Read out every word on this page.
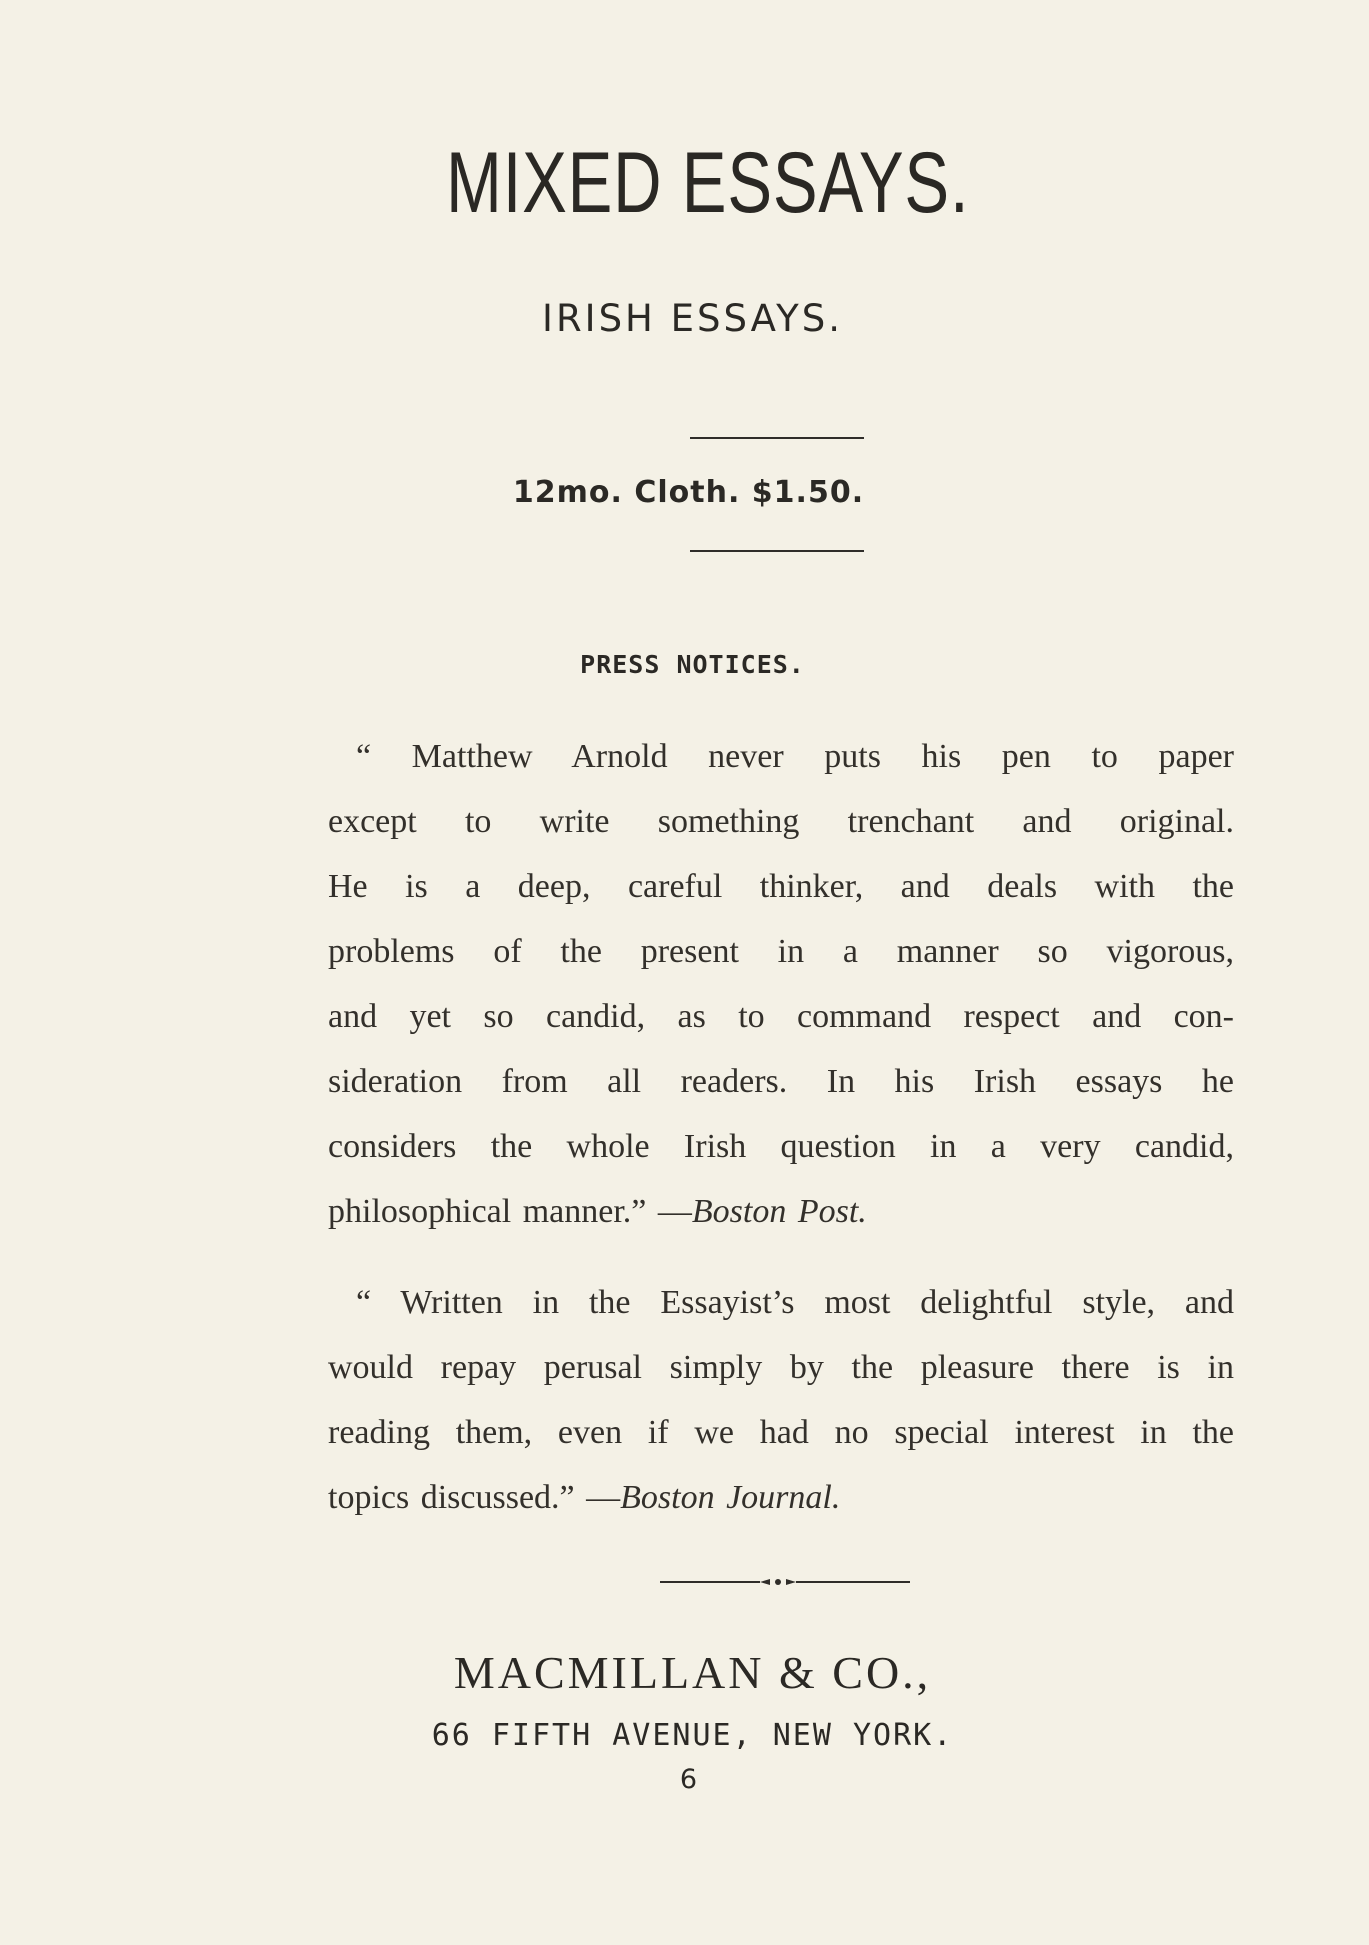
MIXED ESSAYS.
IRISH ESSAYS.
12mo. Cloth. $1.50.
PRESS NOTICES.
“ Matthew Arnold never puts his pen to paper
except to write something trenchant and original.
He is a deep, careful thinker, and deals with the
problems of the present in a manner so vigorous,
and yet so candid, as to command respect and con-
sideration from all readers. In his Irish essays he
considers the whole Irish question in a very candid,
philosophical manner.” —Boston Post.
“ Written in the Essayist’s most delightful style, and
would repay perusal simply by the pleasure there is in
reading them, even if we had no special interest in the
topics discussed.” —Boston Journal.
MACMILLAN & CO.,
66 FIFTH AVENUE, NEW YORK.
6
